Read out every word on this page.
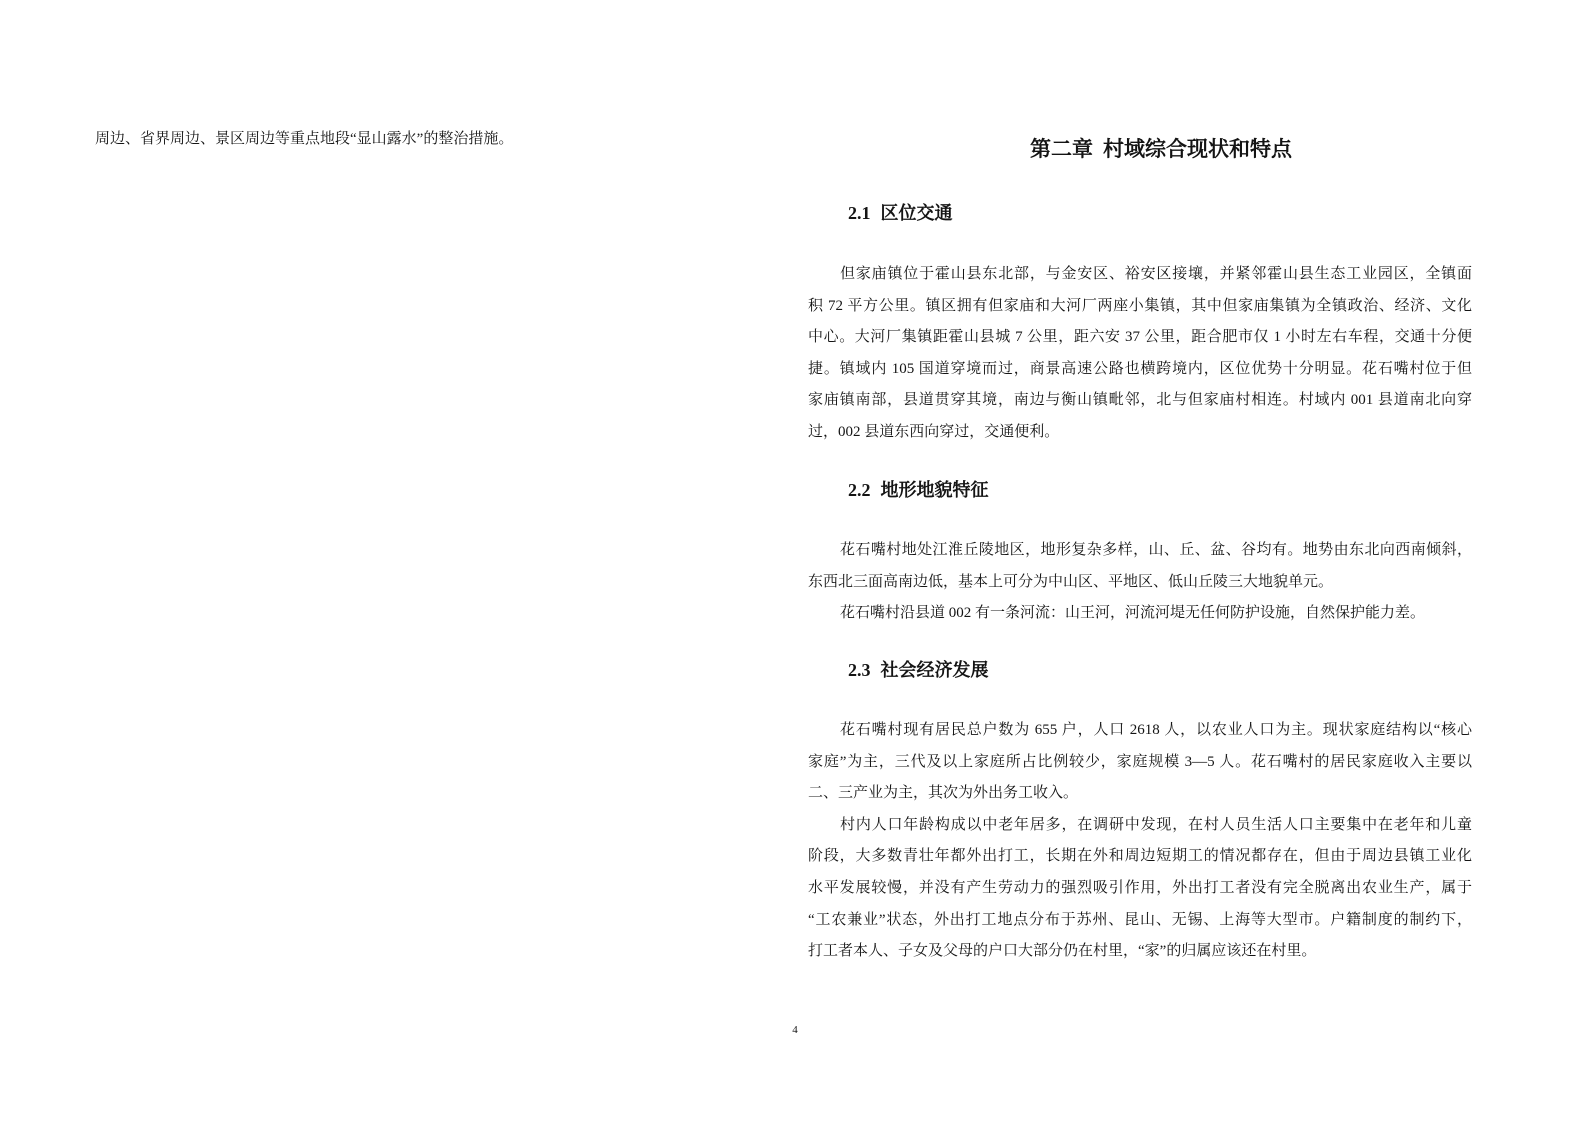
周边、省界周边、景区周边等重点地段“显山露水”的整治措施。	第二章 村域综合现状和特点
2.1 区位交通
但家庙镇位于霍山县东北部，与金安区、裕安区接壤，并紧邻霍山县生态工业园区，全镇面
积 72 平方公里。镇区拥有但家庙和大河厂两座小集镇，其中但家庙集镇为全镇政治、经济、文化
中心。大河厂集镇距霍山县城 7 公里，距六安 37 公里，距合肥市仅 1 小时左右车程，交通十分便
捷。镇域内 105 国道穿境而过，商景高速公路也横跨境内，区位优势十分明显。花石嘴村位于但
家庙镇南部，县道贯穿其境，南边与衡山镇毗邻，北与但家庙村相连。村域内 001 县道南北向穿
过，002 县道东西向穿过，交通便利。
2.2 地形地貌特征
花石嘴村地处江淮丘陵地区，地形复杂多样，山、丘、盆、谷均有。地势由东北向西南倾斜，
东西北三面高南边低，基本上可分为中山区、平地区、低山丘陵三大地貌单元。
花石嘴村沿县道 002 有一条河流：山王河，河流河堤无任何防护设施，自然保护能力差。
2.3 社会经济发展
花石嘴村现有居民总户数为 655 户，人口 2618 人，以农业人口为主。现状家庭结构以“核心
家庭”为主，三代及以上家庭所占比例较少，家庭规模 3—5 人。花石嘴村的居民家庭收入主要以
二、三产业为主，其次为外出务工收入。
村内人口年龄构成以中老年居多，在调研中发现，在村人员生活人口主要集中在老年和儿童
阶段，大多数青壮年都外出打工，长期在外和周边短期工的情况都存在，但由于周边县镇工业化
水平发展较慢，并没有产生劳动力的强烈吸引作用，外出打工者没有完全脱离出农业生产，属于
“工农兼业”状态，外出打工地点分布于苏州、昆山、无锡、上海等大型市。户籍制度的制约下，
打工者本人、子女及父母的户口大部分仍在村里，“家”的归属应该还在村里。
4
